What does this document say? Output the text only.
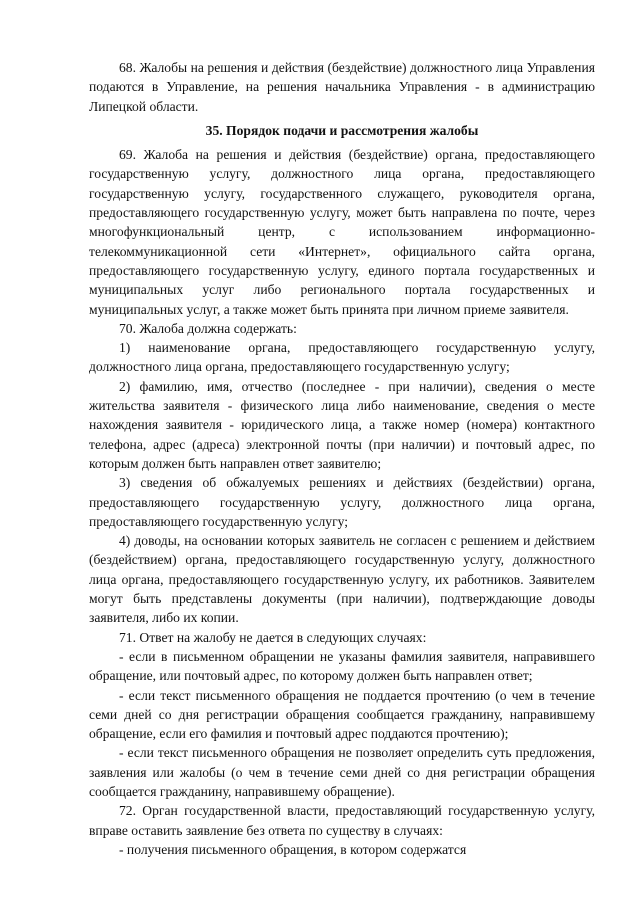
68. Жалобы на решения и действия (бездействие) должностного лица Управления подаются в Управление, на решения начальника Управления - в администрацию Липецкой области.

35. Порядок подачи и рассмотрения жалобы

69. Жалоба на решения и действия (бездействие) органа, предоставляющего государственную услугу, должностного лица органа, предоставляющего государственную услугу, государственного служащего, руководителя органа, предоставляющего государственную услугу, может быть направлена по почте, через многофункциональный центр, с использованием информационно-телекоммуникационной сети «Интернет», официального сайта органа, предоставляющего государственную услугу, единого портала государственных и муниципальных услуг либо регионального портала государственных и муниципальных услуг, а также может быть принята при личном приеме заявителя.

70. Жалоба должна содержать:

1) наименование органа, предоставляющего государственную услугу, должностного лица органа, предоставляющего государственную услугу;

2) фамилию, имя, отчество (последнее - при наличии), сведения о месте жительства заявителя - физического лица либо наименование, сведения о месте нахождения заявителя - юридического лица, а также номер (номера) контактного телефона, адрес (адреса) электронной почты (при наличии) и почтовый адрес, по которым должен быть направлен ответ заявителю;

3) сведения об обжалуемых решениях и действиях (бездействии) органа, предоставляющего государственную услугу, должностного лица органа, предоставляющего государственную услугу;

4) доводы, на основании которых заявитель не согласен с решением и действием (бездействием) органа, предоставляющего государственную услугу, должностного лица органа, предоставляющего государственную услугу, их работников. Заявителем могут быть представлены документы (при наличии), подтверждающие доводы заявителя, либо их копии.

71. Ответ на жалобу не дается в следующих случаях:

- если в письменном обращении не указаны фамилия заявителя, направившего обращение, или почтовый адрес, по которому должен быть направлен ответ;

- если текст письменного обращения не поддается прочтению (о чем в течение семи дней со дня регистрации обращения сообщается гражданину, направившему обращение, если его фамилия и почтовый адрес поддаются прочтению);

- если текст письменного обращения не позволяет определить суть предложения, заявления или жалобы (о чем в течение семи дней со дня регистрации обращения сообщается гражданину, направившему обращение).

72. Орган государственной власти, предоставляющий государственную услугу, вправе оставить заявление без ответа по существу в случаях:

- получения письменного обращения, в котором содержатся
